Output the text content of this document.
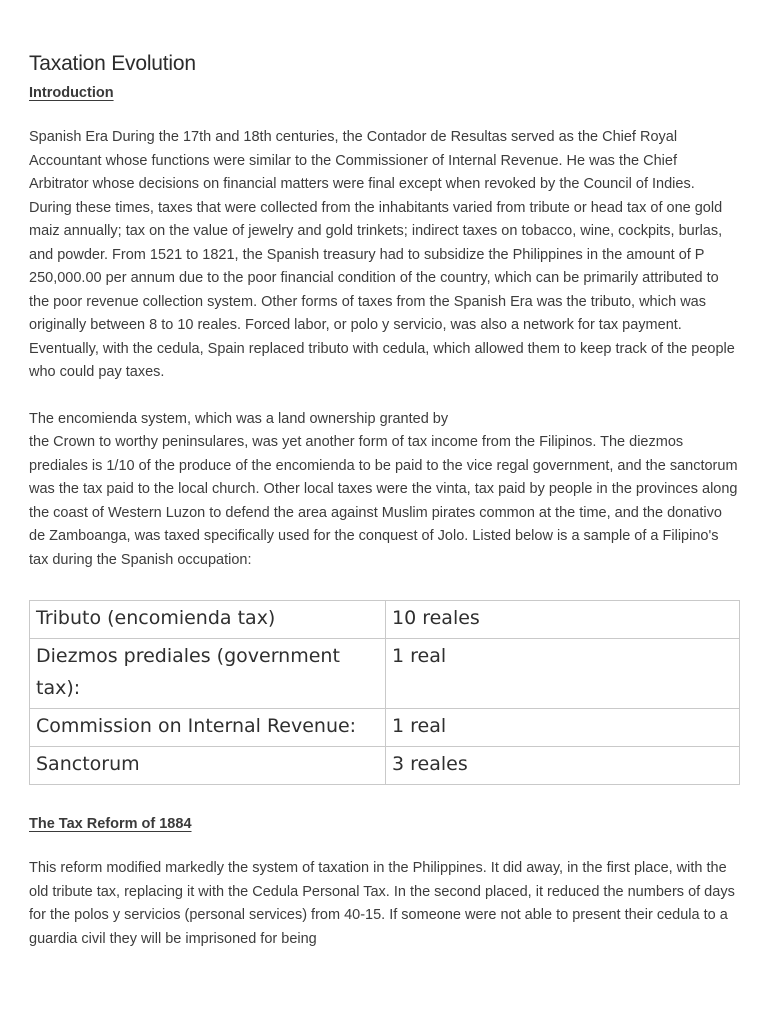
Taxation Evolution
Introduction

Spanish Era During the 17th and 18th centuries, the Contador de Resultas served as the Chief Royal Accountant whose functions were similar to the Commissioner of Internal Revenue. He was the Chief Arbitrator whose decisions on financial matters were final except when revoked by the Council of Indies. During these times, taxes that were collected from the inhabitants varied from tribute or head tax of one gold maiz annually; tax on the value of jewelry and gold trinkets; indirect taxes on tobacco, wine, cockpits, burlas, and powder. From 1521 to 1821, the Spanish treasury had to subsidize the Philippines in the amount of P 250,000.00 per annum due to the poor financial condition of the country, which can be primarily attributed to the poor revenue collection system. Other forms of taxes from the Spanish Era was the tributo, which was originally between 8 to 10 reales. Forced labor, or polo y servicio, was also a network for tax payment. Eventually, with the cedula, Spain replaced tributo with cedula, which allowed them to keep track of the people who could pay taxes.

The encomienda system, which was a land ownership granted by
the Crown to worthy peninsulares, was yet another form of tax income from the Filipinos. The diezmos prediales is 1/10 of the produce of the encomienda to be paid to the vice regal government, and the sanctorum was the tax paid to the local church. Other local taxes were the vinta, tax paid by people in the provinces along the coast of Western Luzon to defend the area against Muslim pirates common at the time, and the donativo de Zamboanga, was taxed specifically used for the conquest of Jolo. Listed below is a sample of a Filipino's tax during the Spanish occupation:

Tributo (encomienda tax)	10 reales
Diezmos prediales (government tax):	1 real
Commission on Internal Revenue:	1 real
Sanctorum	3 reales
The Tax Reform of 1884

This reform modified markedly the system of taxation in the Philippines. It did away, in the first place, with the old tribute tax, replacing it with the Cedula Personal Tax. In the second placed, it reduced the numbers of days for the polos y servicios (personal services) from 40-15. If someone were not able to present their cedula to a guardia civil they will be imprisoned for being
